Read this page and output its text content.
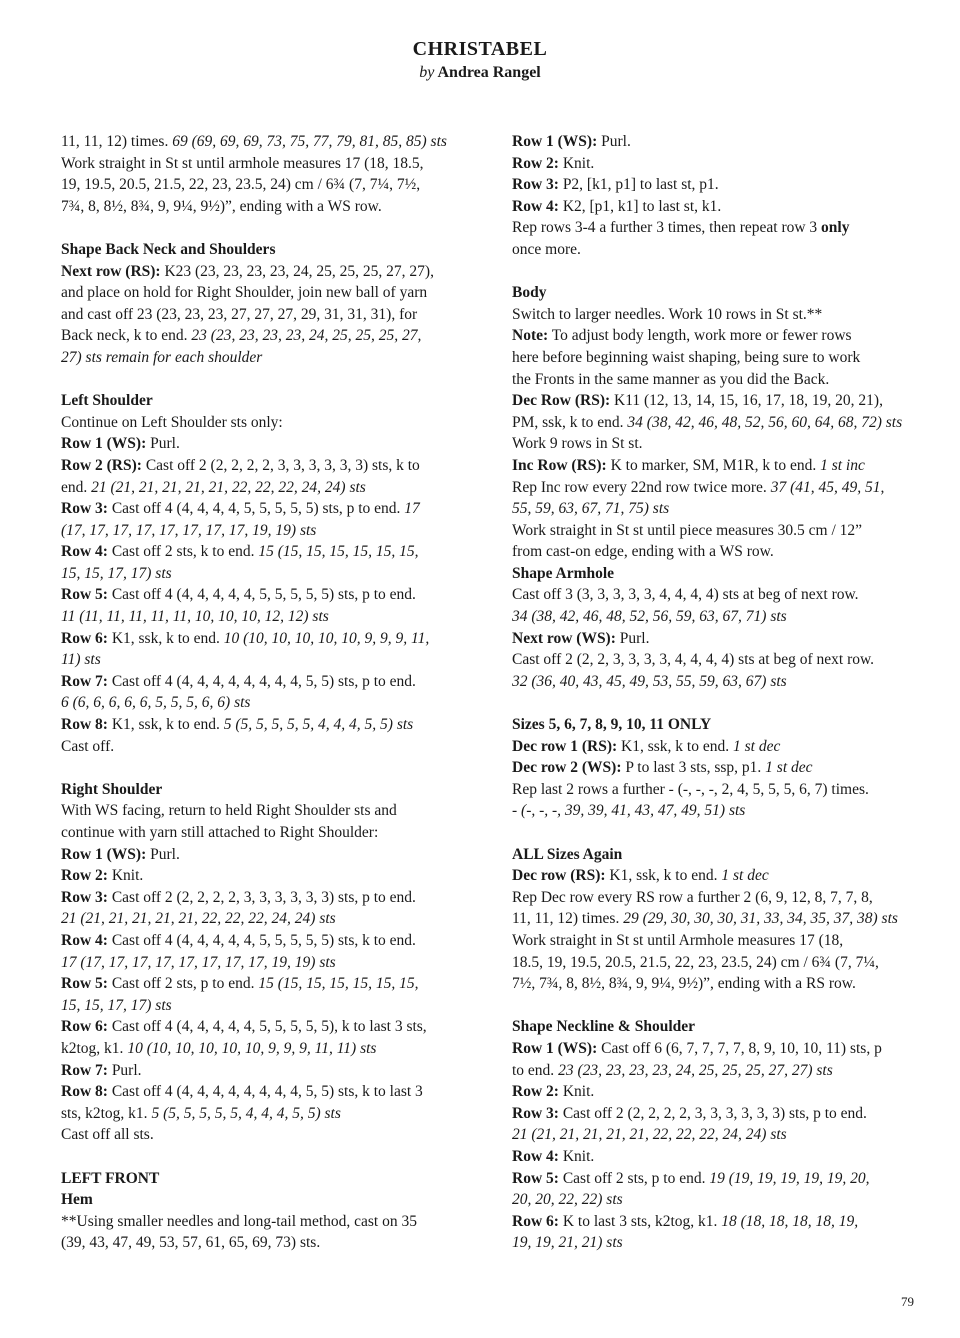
CHRISTABEL
by Andrea Rangel
11, 11, 12) times. 69 (69, 69, 69, 73, 75, 77, 79, 81, 85, 85) sts
Work straight in St st until armhole measures 17 (18, 18.5,
19, 19.5, 20.5, 21.5, 22, 23, 23.5, 24) cm / 6¾ (7, 7¼, 7½,
7¾, 8, 8½, 8¾, 9, 9¼, 9½)”, ending with a WS row.
Shape Back Neck and Shoulders
Next row (RS): K23 (23, 23, 23, 23, 24, 25, 25, 25, 27, 27),
and place on hold for Right Shoulder, join new ball of yarn
and cast off 23 (23, 23, 23, 27, 27, 27, 29, 31, 31, 31), for
Back neck, k to end. 23 (23, 23, 23, 23, 24, 25, 25, 25, 27,
27) sts remain for each shoulder
Left Shoulder
Continue on Left Shoulder sts only:
Row 1 (WS): Purl.
Row 2 (RS): Cast off 2 (2, 2, 2, 2, 3, 3, 3, 3, 3, 3) sts, k to
end. 21 (21, 21, 21, 21, 21, 22, 22, 22, 24, 24) sts
Row 3: Cast off 4 (4, 4, 4, 4, 5, 5, 5, 5, 5) sts, p to end. 17
(17, 17, 17, 17, 17, 17, 17, 17, 19, 19) sts
Row 4: Cast off 2 sts, k to end. 15 (15, 15, 15, 15, 15, 15,
15, 15, 17, 17) sts
Row 5: Cast off 4 (4, 4, 4, 4, 4, 5, 5, 5, 5, 5) sts, p to end.
11 (11, 11, 11, 11, 11, 10, 10, 10, 12, 12) sts
Row 6: K1, ssk, k to end. 10 (10, 10, 10, 10, 10, 9, 9, 9, 11,
11) sts
Row 7: Cast off 4 (4, 4, 4, 4, 4, 4, 4, 4, 5, 5) sts, p to end.
6 (6, 6, 6, 6, 6, 5, 5, 5, 6, 6) sts
Row 8: K1, ssk, k to end. 5 (5, 5, 5, 5, 5, 4, 4, 4, 5, 5) sts
Cast off.
Right Shoulder
With WS facing, return to held Right Shoulder sts and
continue with yarn still attached to Right Shoulder:
Row 1 (WS): Purl.
Row 2: Knit.
Row 3: Cast off 2 (2, 2, 2, 2, 3, 3, 3, 3, 3, 3) sts, p to end.
21 (21, 21, 21, 21, 21, 22, 22, 22, 24, 24) sts
Row 4: Cast off 4 (4, 4, 4, 4, 4, 5, 5, 5, 5, 5) sts, k to end.
17 (17, 17, 17, 17, 17, 17, 17, 17, 19, 19) sts
Row 5: Cast off 2 sts, p to end. 15 (15, 15, 15, 15, 15, 15,
15, 15, 17, 17) sts
Row 6: Cast off 4 (4, 4, 4, 4, 4, 5, 5, 5, 5, 5), k to last 3 sts,
k2tog, k1. 10 (10, 10, 10, 10, 10, 9, 9, 9, 11, 11) sts
Row 7: Purl.
Row 8: Cast off 4 (4, 4, 4, 4, 4, 4, 4, 4, 5, 5) sts, k to last 3
sts, k2tog, k1. 5 (5, 5, 5, 5, 5, 4, 4, 4, 5, 5) sts
Cast off all sts.
LEFT FRONT
Hem
**Using smaller needles and long-tail method, cast on 35
(39, 43, 47, 49, 53, 57, 61, 65, 69, 73) sts.
Row 1 (WS): Purl.
Row 2: Knit.
Row 3: P2, [k1, p1] to last st, p1.
Row 4: K2, [p1, k1] to last st, k1.
Rep rows 3-4 a further 3 times, then repeat row 3 only
once more.
Body
Switch to larger needles. Work 10 rows in St st.**
Note: To adjust body length, work more or fewer rows
here before beginning waist shaping, being sure to work
the Fronts in the same manner as you did the Back.
Dec Row (RS): K11 (12, 13, 14, 15, 16, 17, 18, 19, 20, 21),
PM, ssk, k to end. 34 (38, 42, 46, 48, 52, 56, 60, 64, 68, 72) sts
Work 9 rows in St st.
Inc Row (RS): K to marker, SM, M1R, k to end. 1 st inc
Rep Inc row every 22nd row twice more. 37 (41, 45, 49, 51,
55, 59, 63, 67, 71, 75) sts
Work straight in St st until piece measures 30.5 cm / 12”
from cast-on edge, ending with a WS row.
Shape Armhole
Cast off 3 (3, 3, 3, 3, 3, 4, 4, 4, 4) sts at beg of next row.
34 (38, 42, 46, 48, 52, 56, 59, 63, 67, 71) sts
Next row (WS): Purl.
Cast off 2 (2, 2, 3, 3, 3, 3, 4, 4, 4, 4) sts at beg of next row.
32 (36, 40, 43, 45, 49, 53, 55, 59, 63, 67) sts
Sizes 5, 6, 7, 8, 9, 10, 11 ONLY
Dec row 1 (RS): K1, ssk, k to end. 1 st dec
Dec row 2 (WS): P to last 3 sts, ssp, p1. 1 st dec
Rep last 2 rows a further - (-, -, -, 2, 4, 5, 5, 5, 6, 7) times.
- (-, -, -, 39, 39, 41, 43, 47, 49, 51) sts
ALL Sizes Again
Dec row (RS): K1, ssk, k to end. 1 st dec
Rep Dec row every RS row a further 2 (6, 9, 12, 8, 7, 7, 8,
11, 11, 12) times. 29 (29, 30, 30, 30, 31, 33, 34, 35, 37, 38) sts
Work straight in St st until Armhole measures 17 (18,
18.5, 19, 19.5, 20.5, 21.5, 22, 23, 23.5, 24) cm / 6¾ (7, 7¼,
7½, 7¾, 8, 8½, 8¾, 9, 9¼, 9½)”, ending with a RS row.
Shape Neckline & Shoulder
Row 1 (WS): Cast off 6 (6, 7, 7, 7, 7, 8, 9, 10, 10, 11) sts, p
to end. 23 (23, 23, 23, 23, 24, 25, 25, 25, 27, 27) sts
Row 2: Knit.
Row 3: Cast off 2 (2, 2, 2, 2, 3, 3, 3, 3, 3, 3) sts, p to end.
21 (21, 21, 21, 21, 21, 22, 22, 22, 24, 24) sts
Row 4: Knit.
Row 5: Cast off 2 sts, p to end. 19 (19, 19, 19, 19, 19, 20,
20, 20, 22, 22) sts
Row 6: K to last 3 sts, k2tog, k1. 18 (18, 18, 18, 18, 19,
19, 19, 21, 21) sts
79
